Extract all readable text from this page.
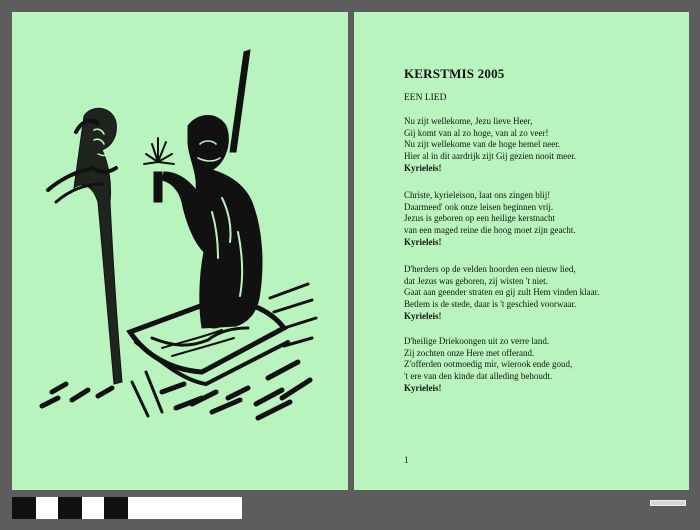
KERSTMIS 2005
EEN LIED
Nu zijt wellekome, Jezu lieve Heer,
Gij komt van al zo hoge, van al zo veer!
Nu zijt wellekome van de hoge hemel neer.
Hier al in dit aardrijk zijt Gij gezien nooit meer.
Kyrieleis!
Christe, kyrieleison, laat ons zingen blij!
Daarmeed' ook onze leisen beginnen vrij.
Jezus is geboren op een heilige kerstnacht
van een maged reine die hoog moet zijn geacht.
Kyrieleis!
D'herders op de velden hoorden een nieuw lied,
dat Jezus was geboren, zij wisten 't niet.
Gaat aan geender straten en gij zult Hem vinden klaar.
Betlem is de stede, daar is 't geschied voorwaar.
Kyrieleis!
D'heilige Driekoongen uit zo verre land.
Zij zochten onze Here met offerand.
Z'offerden ootmoedig mir, wierook ende goud,
't ere van den kinde dat alleding behoudt.
Kyrieleis!
1
